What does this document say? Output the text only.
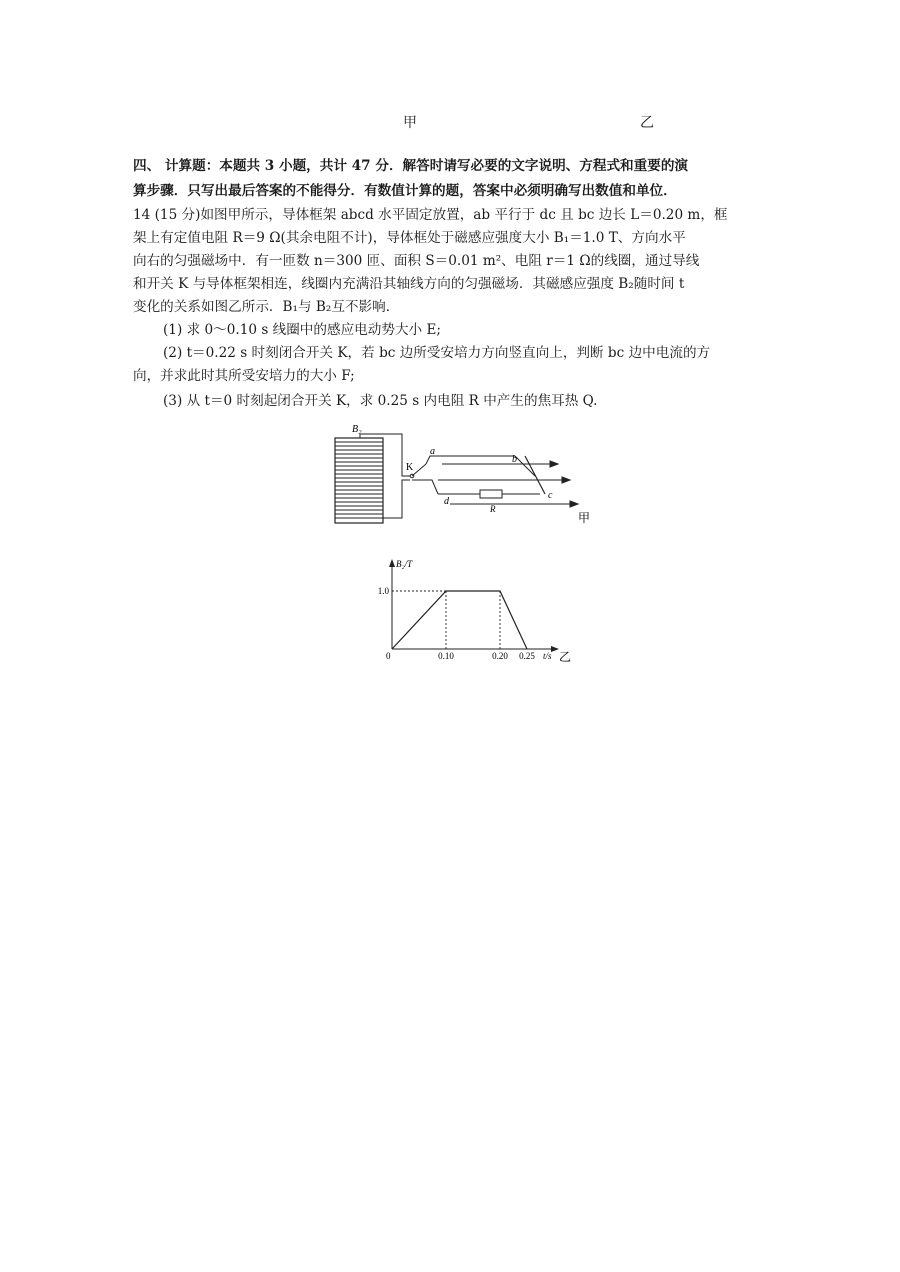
甲	乙
四、 计算题：本题共 3 小题，共计 47 分．解答时请写必要的文字说明、方程式和重要的演
算步骤．只写出最后答案的不能得分．有数值计算的题，答案中必须明确写出数值和单位．
14 (15 分)如图甲所示，导体框架 abcd 水平固定放置，ab 平行于 dc 且 bc 边长 L＝0.20 m，框
架上有定值电阻 R＝9 Ω(其余电阻不计)，导体框处于磁感应强度大小 B₁＝1.0 T、方向水平
向右的匀强磁场中．有一匝数 n＝300 匝、面积 S＝0.01 m²、电阻 r＝1 Ω的线圈，通过导线
和开关 K 与导体框架相连，线圈内充满沿其轴线方向的匀强磁场．其磁感应强度 B₂随时间 t
变化的关系如图乙所示．B₁与 B₂互不影响．
(1) 求 0～0.10 s 线圈中的感应电动势大小 E;
(2) t＝0.22 s 时刻闭合开关 K，若 bc 边所受安培力方向竖直向上，判断 bc 边中电流的方
向，并求此时其所受安培力的大小 F;
(3) 从 t＝0 时刻起闭合开关 K，求 0.25 s 内电阻 R 中产生的焦耳热 Q.
B₂
K
a
b
c
d
R
甲
B₂/T
t/s
0	0.10	0.20 0.25
1.0
乙
